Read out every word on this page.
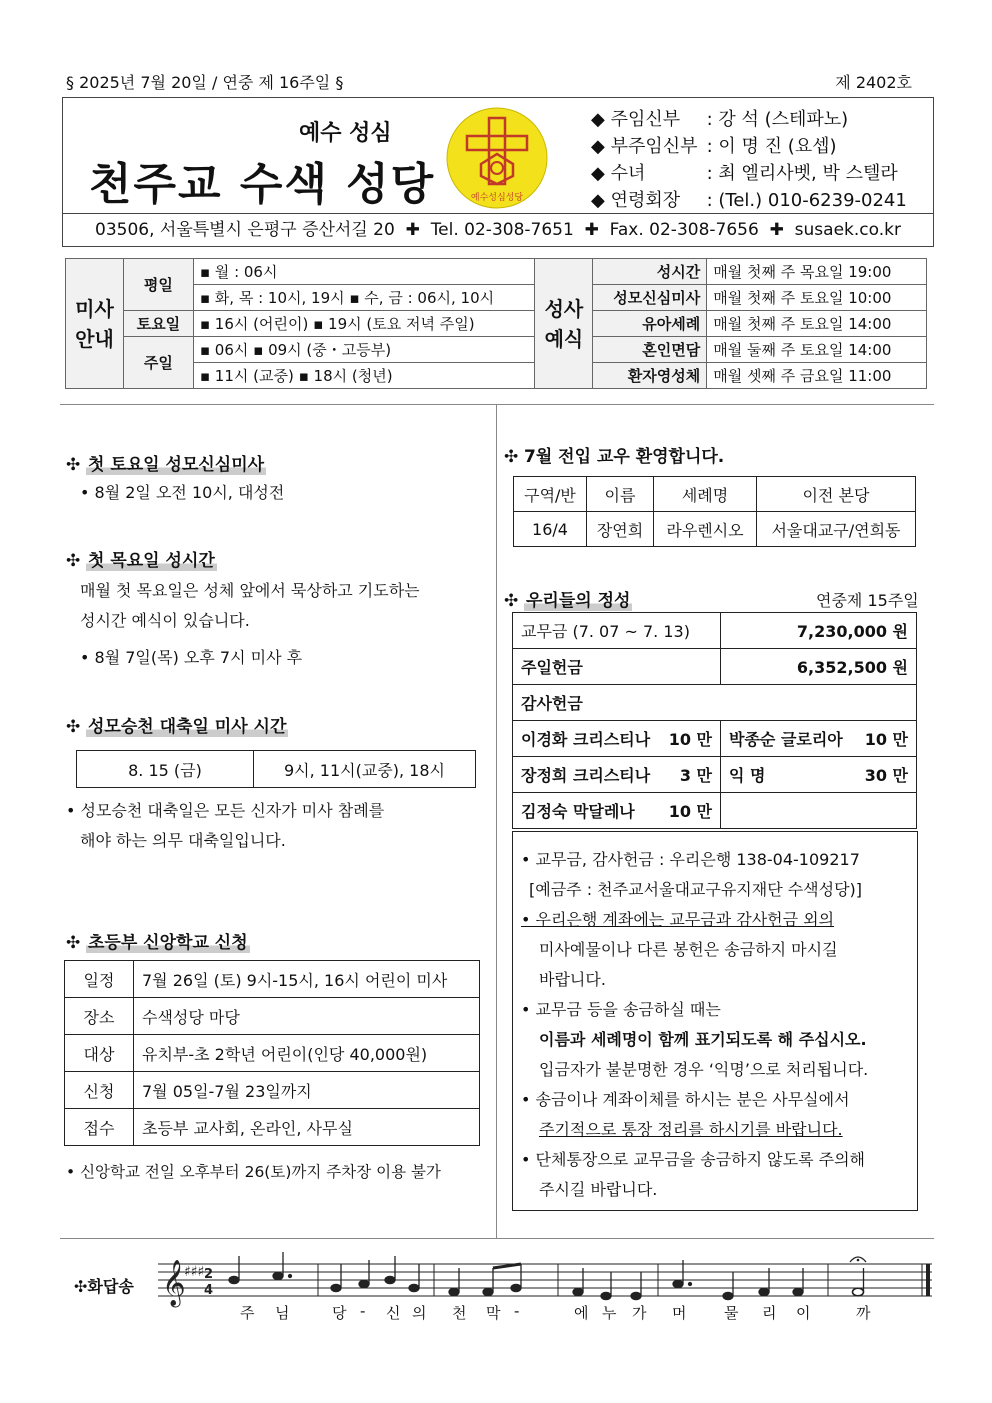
§ 2025년 7월 20일 / 연중 제 16주일 §	제 2402호
예수 성심
천주교 수색 성당	예수성심성당
◆ 주임신부 : 강 석 (스테파노)
◆ 부주임신부 : 이 명 진 (요셉)
◆ 수녀	: 최 엘리사벳, 박 스텔라
◆ 연령회장 : (Tel.) 010-6239-0241
03506, 서울특별시 은평구 증산서길 20 ✚ Tel. 02-308-7651 ✚ Fax. 02-308-7656 ✚ susaek.co.kr
미사 안내	평일	▪ 월 : 06시	성사 예식	성시간	매월 첫째 주 목요일 19:00
		▪ 화, 목 : 10시, 19시 ▪ 수, 금 : 06시, 10시		성모신심미사	매월 첫째 주 토요일 10:00
	토요일	▪ 16시 (어린이) ▪ 19시 (토요 저녁 주일)		유아세례	매월 첫째 주 토요일 14:00
	주일	▪ 06시 ▪ 09시 (중・고등부)		혼인면담	매월 둘째 주 토요일 14:00
		▪ 11시 (교중) ▪ 18시 (청년)		환자영성체	매월 셋째 주 금요일 11:00
✣ 첫 토요일 성모신심미사
• 8월 2일 오전 10시, 대성전
✣ 첫 목요일 성시간
매월 첫 목요일은 성체 앞에서 묵상하고 기도하는
성시간 예식이 있습니다.
• 8월 7일(목) 오후 7시 미사 후
✣ 성모승천 대축일 미사 시간
8. 15 (금)	9시, 11시(교중), 18시
• 성모승천 대축일은 모든 신자가 미사 참례를
해야 하는 의무 대축일입니다.
✣ 초등부 신앙학교 신청
일정	7월 26일 (토) 9시-15시, 16시 어린이 미사
장소	수색성당 마당
대상	유치부-초 2학년 어린이(인당 40,000원)
신청	7월 05일-7월 23일까지
접수	초등부 교사회, 온라인, 사무실
• 신앙학교 전일 오후부터 26(토)까지 주차장 이용 불가
✣ 7월 전입 교우 환영합니다.
구역/반	이름	세례명	이전 본당
16/4	장연희	라우렌시오	서울대교구/연희동
✣ 우리들의 정성	연중제 15주일
교무금 (7. 07 ~ 7. 13)	7,230,000 원
주일헌금	6,352,500 원
감사헌금	
이경화 크리스티나 10 만	박종순 글로리아 10 만

장정희 크리스티나 3 만	익 명 30 만

김정숙 막달레나 10 만	

• 교무금, 감사헌금 : 우리은행 138-04-109217
[예금주 : 천주교서울대교구유지재단 수색성당)]
• 우리은행 계좌에는 교무금과 감사헌금 외의
미사예물이나 다른 봉헌은 송금하지 마시길
바랍니다.
• 교무금 등을 송금하실 때는
이름과 세례명이 함께 표기되도록 해 주십시오.
입금자가 불분명한 경우 ‘익명’으로 처리됩니다.
• 송금이나 계좌이체를 하시는 분은 사무실에서
주기적으로 통장 정리를 하시기를 바랍니다.
• 단체통장으로 교무금을 송금하지 않도록 주의해
주시길 바랍니다.
✣화답송 𝄞
♯♯♯ 2
4
주 님	당 - 신 의 천 막 -	에 누 가 머 물 리 이	까
